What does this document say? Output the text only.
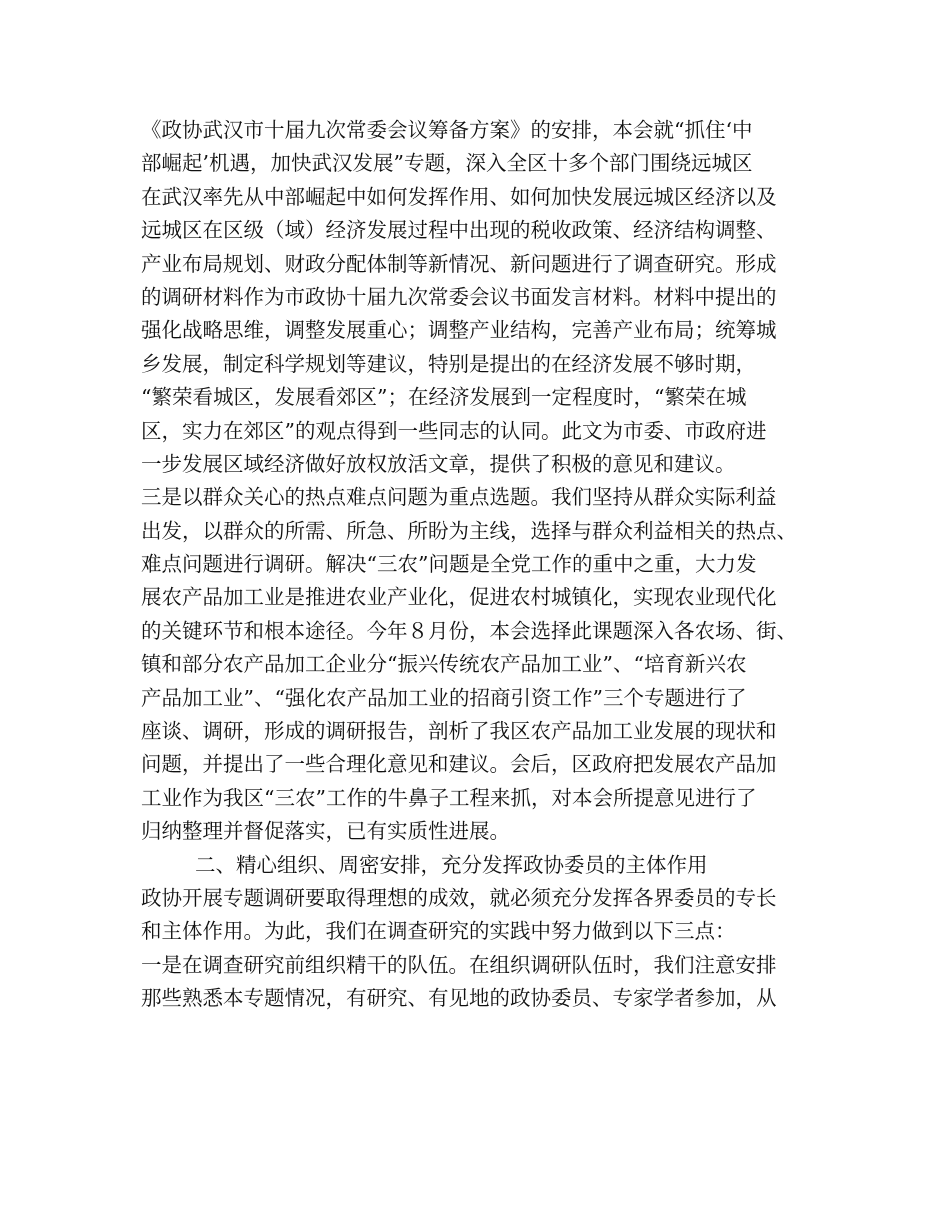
《政协武汉市十届九次常委会议筹备方案》的安排，本会就“抓住‘中
部崛起’机遇，加快武汉发展”专题，深入全区十多个部门围绕远城区
在武汉率先从中部崛起中如何发挥作用、如何加快发展远城区经济以及
远城区在区级（域）经济发展过程中出现的税收政策、经济结构调整、
产业布局规划、财政分配体制等新情况、新问题进行了调查研究。形成
的调研材料作为市政协十届九次常委会议书面发言材料。材料中提出的
强化战略思维，调整发展重心；调整产业结构，完善产业布局；统筹城
乡发展，制定科学规划等建议，特别是提出的在经济发展不够时期，
“繁荣看城区，发展看郊区”；在经济发展到一定程度时，“繁荣在城
区，实力在郊区”的观点得到一些同志的认同。此文为市委、市政府进
一步发展区域经济做好放权放活文章，提供了积极的意见和建议。
三是以群众关心的热点难点问题为重点选题。我们坚持从群众实际利益
出发，以群众的所需、所急、所盼为主线，选择与群众利益相关的热点、
难点问题进行调研。解决“三农”问题是全党工作的重中之重，大力发
展农产品加工业是推进农业产业化，促进农村城镇化，实现农业现代化
的关键环节和根本途径。今年８月份，本会选择此课题深入各农场、街、
镇和部分农产品加工企业分“振兴传统农产品加工业”、“培育新兴农
产品加工业”、“强化农产品加工业的招商引资工作”三个专题进行了
座谈、调研，形成的调研报告，剖析了我区农产品加工业发展的现状和
问题，并提出了一些合理化意见和建议。会后，区政府把发展农产品加
工业作为我区“三农”工作的牛鼻子工程来抓，对本会所提意见进行了
归纳整理并督促落实，已有实质性进展。
二、精心组织、周密安排，充分发挥政协委员的主体作用
政协开展专题调研要取得理想的成效，就必须充分发挥各界委员的专长
和主体作用。为此，我们在调查研究的实践中努力做到以下三点：
一是在调查研究前组织精干的队伍。在组织调研队伍时，我们注意安排
那些熟悉本专题情况，有研究、有见地的政协委员、专家学者参加，从
